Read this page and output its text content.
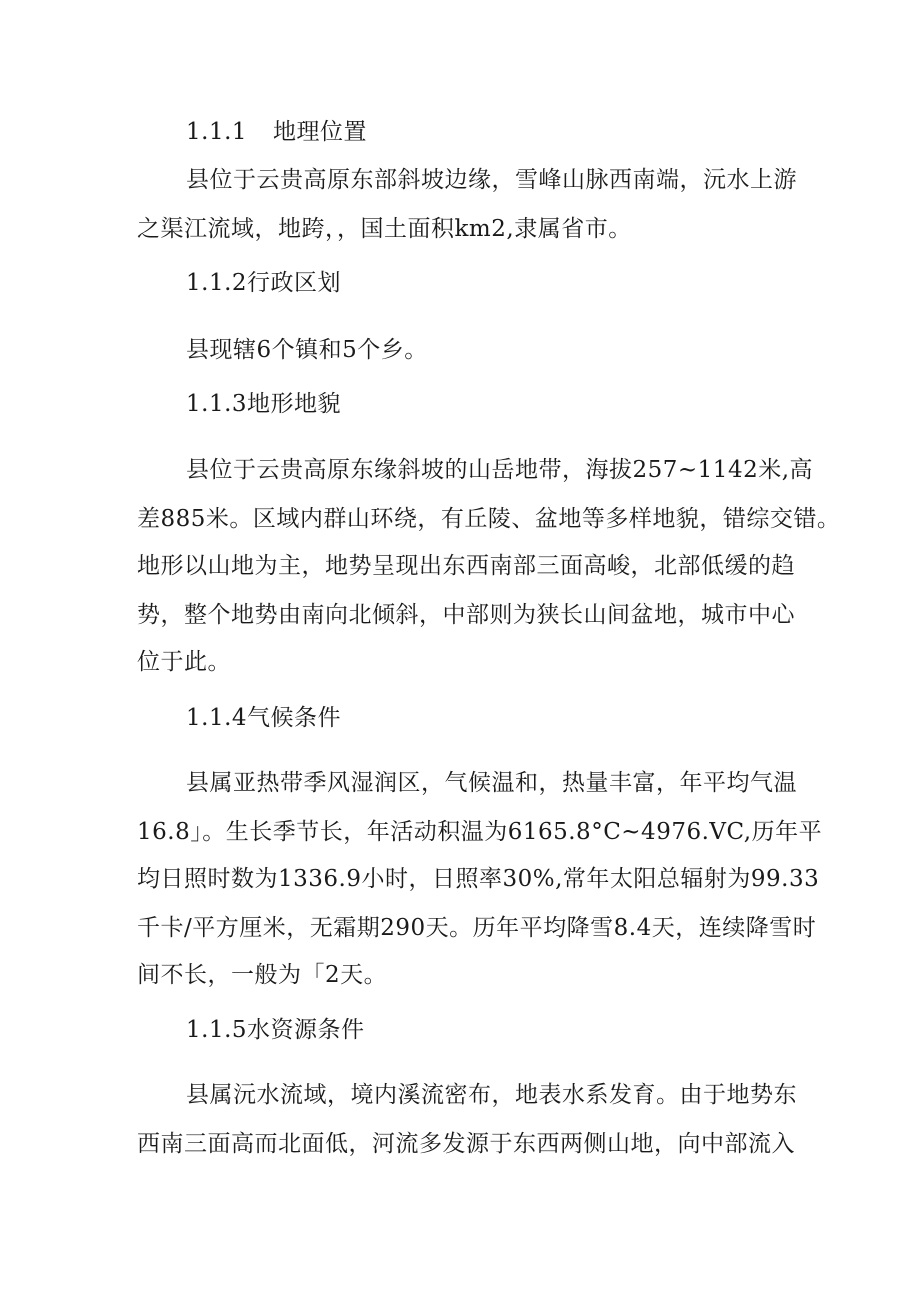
1.1.1 地理位置

县位于云贵高原东部斜坡边缘，雪峰山脉西南端，沅水上游

之渠江流域，地跨，，国土面积km2,隶属省市。

1.1.2行政区划

县现辖6个镇和5个乡。

1.1.3地形地貌

县位于云贵高原东缘斜坡的山岳地带，海拔257~1142米,高

差885米。区域内群山环绕，有丘陵、盆地等多样地貌，错综交错。

地形以山地为主，地势呈现出东西南部三面高峻，北部低缓的趋

势，整个地势由南向北倾斜，中部则为狭长山间盆地，城市中心

位于此。

1.1.4气候条件

县属亚热带季风湿润区，气候温和，热量丰富，年平均气温

16.8」。生长季节长，年活动积温为6165.8°C~4976.VC,历年平

均日照时数为1336.9小时，日照率30%,常年太阳总辐射为99.33

千卡/平方厘米，无霜期290天。历年平均降雪8.4天，连续降雪时

间不长，一般为「2天。

1.1.5水资源条件

县属沅水流域，境内溪流密布，地表水系发育。由于地势东

西南三面高而北面低，河流多发源于东西两侧山地，向中部流入
